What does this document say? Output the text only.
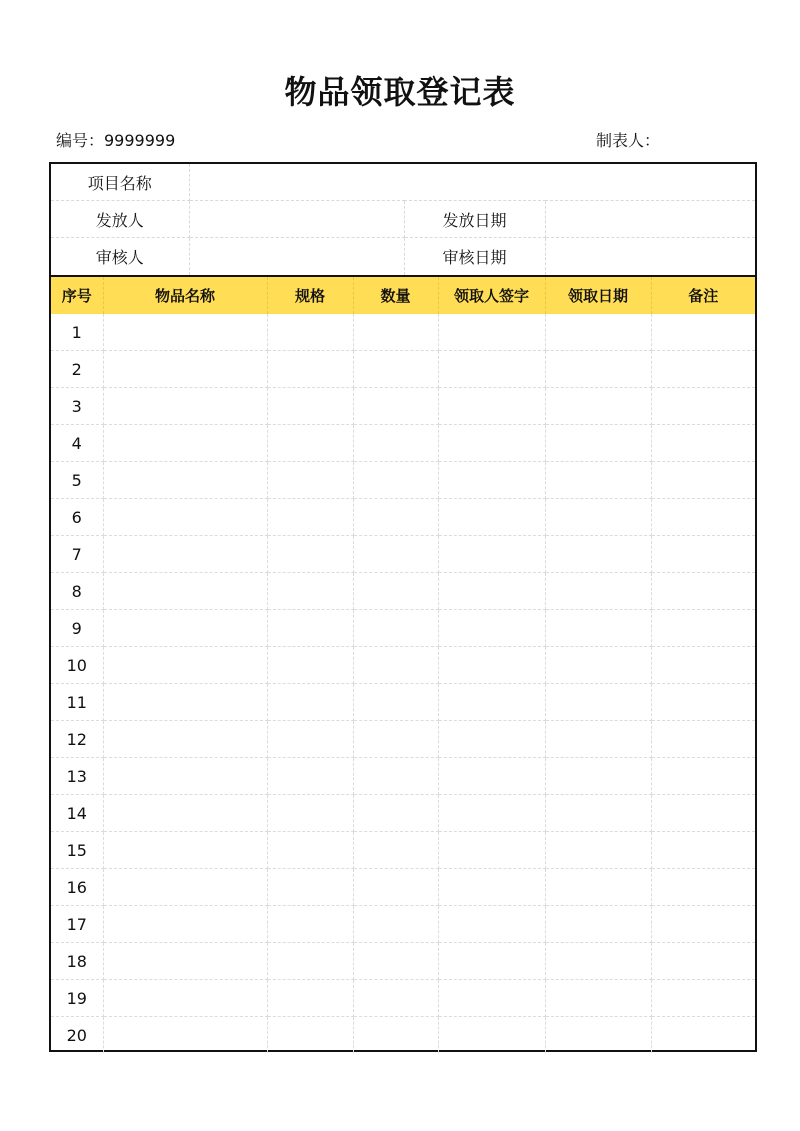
物品领取登记表
编号：9999999	制表人：
项目名称			
发放人		发放日期	
审核人		审核日期	
序号	物品名称	规格	数量	领取人签字	领取日期	备注
1						
2						
3						
4						
5						
6						
7						
8						
9						
10						
11						
12						
13						
14						
15						
16						
17						
18						
19						
20						
